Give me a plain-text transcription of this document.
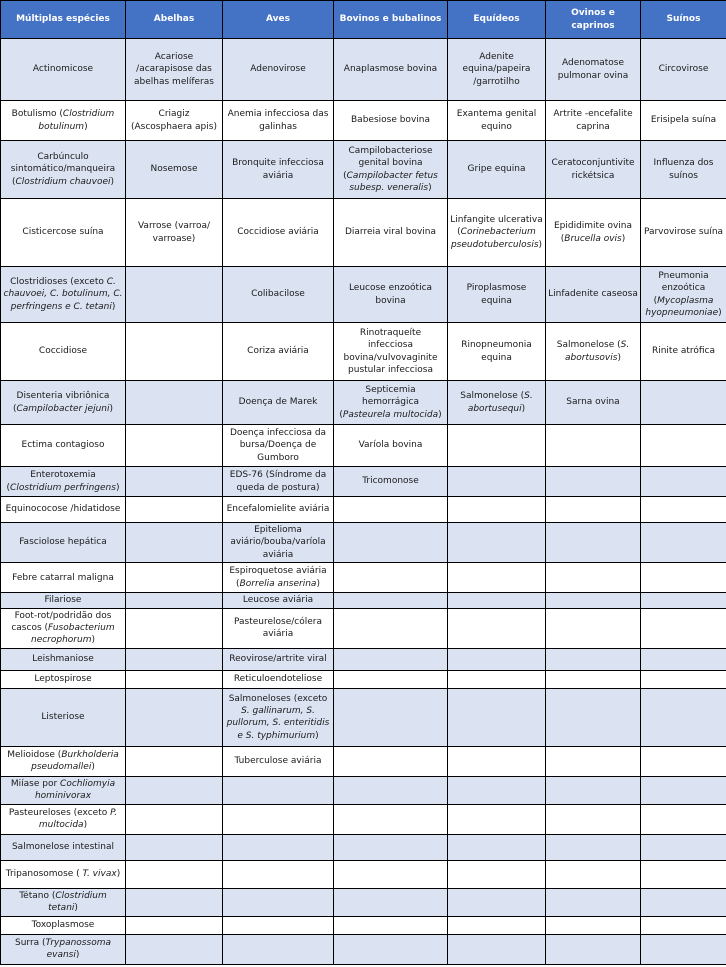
Múltiplas espécies	Abelhas	Aves	Bovinos e bubalinos	Equídeos	Ovinos e caprinos	Suínos
Actinomicose	Acariose /acarapisose das abelhas melíferas	Adenovirose	Anaplasmose bovina	Adenite equina/papeira /garrotilho	Adenomatose pulmonar ovina	Circovirose
Botulismo (Clostridium botulinum)	Criagiz (Ascosphaera apis)	Anemia infecciosa das galinhas	Babesiose bovina	Exantema genital equino	Artrite -encefalite caprina	Erisipela suína
Carbúnculo sintomático/manqueira (Clostridium chauvoei)	Nosemose	Bronquite infecciosa aviária	Campilobacteriose genital bovina (Campilobacter fetus subesp. veneralis)	Gripe equina	Ceratoconjuntivite rickétsica	Influenza dos suínos
Cisticercose suína	Varrose (varroa/ varroase)	Coccidiose aviária	Diarreia viral bovina	Linfangite ulcerativa (Corinebacterium pseudotuberculosis)	Epididimite ovina (Brucella ovis)	Parvovirose suína
Clostridioses (exceto C. chauvoei, C. botulinum, C. perfringens e C. tetani)		Colibacilose	Leucose enzoótica bovina	Piroplasmose equina	Linfadenite caseosa	Pneumonia enzoótica (Mycoplasma hyopneumoniae)
Coccidiose		Coriza aviária	Rinotraqueíte infecciosa bovina/vulvovaginite pustular infecciosa	Rinopneumonia equina	Salmonelose (S. abortusovis)	Rinite atrófica
Disenteria vibriônica (Campilobacter jejuni)		Doença de Marek	Septicemia hemorrágica (Pasteurela multocida)	Salmonelose (S. abortusequi)	Sarna ovina	
Ectima contagioso		Doença infecciosa da bursa/Doença de Gumboro	Varíola bovina			
Enterotoxemia (Clostridium perfringens)		EDS-76 (Síndrome da queda de postura)	Tricomonose			
Equinococose /hidatidose		Encefalomielite aviária				
Fasciolose hepática		Epitelioma aviário/bouba/varíola aviária				
Febre catarral maligna		Espiroquetose aviária (Borrelia anserina)				
Filariose		Leucose aviária				
Foot-rot/podridão dos cascos (Fusobacterium necrophorum)		Pasteurelose/cólera aviária				
Leishmaniose		Reovirose/artrite viral				
Leptospirose		Reticuloendoteliose				
Listeriose		Salmoneloses (exceto S. gallinarum, S. pullorum, S. enteritidis e S. typhimurium)				
Melioidose (Burkholderia pseudomallei)		Tuberculose aviária				
Miíase por Cochliomyia hominivorax						
Pasteureloses (exceto P. multocida)						
Salmonelose intestinal						
Tripanosomose ( T. vivax)						
Tétano (Clostridium tetani)						
Toxoplasmose						
Surra (Trypanossoma evansi)						
